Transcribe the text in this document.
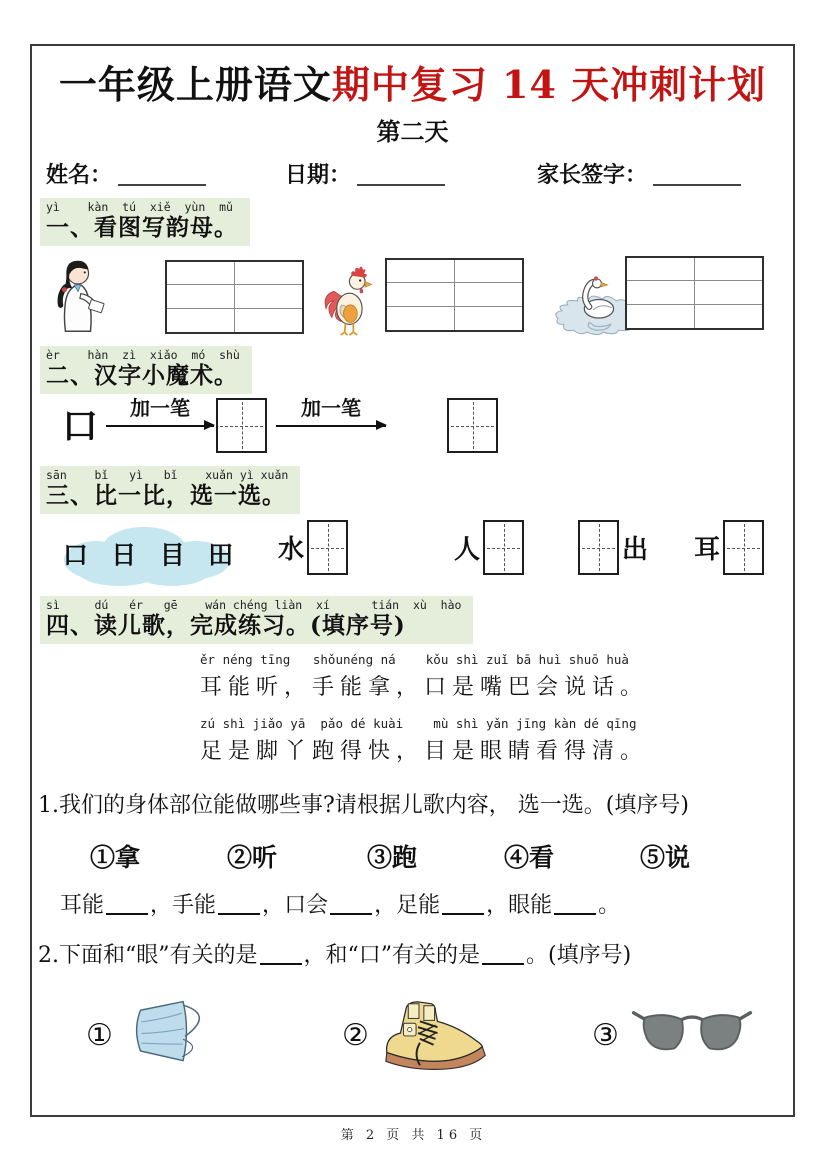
一年级上册语文期中复习 14 天冲刺计划
第二天
姓名：	日期：	家长签字：
yì    kàn  tú  xiě  yùn  mǔ
一、看图写韵母。
èr    hàn  zì  xiǎo  mó  shù
二、汉字小魔术。
口 加一笔
	加一笔
sān    bǐ   yì   bǐ    xuǎn yì xuǎn
三、比一比，选一选。
口  日  目  田 水	人	出 耳
sì     dú   ér   gē    wán chéng liàn  xí      tián  xù  hào
四、读儿歌，完成练习。(填序号)
ěr néng tīng   shǒunéng ná    kǒu shì zuǐ bā huì shuō huà
耳能听，手能拿，口是嘴巴会说话。
zú shì jiǎo yā  pǎo dé kuài    mù shì yǎn jīng kàn dé qīng
足是脚丫跑得快，目是眼睛看得清。
1.我们的身体部位能做哪些事?请根据儿歌内容， 选一选。(填序号)
①拿	②听	③跑	④看	⑤说
耳能 ，手能 ，口会 ，足能 ，眼能 。
2.下面和“眼”有关的是 ，和“口”有关的是 。(填序号)
①	②	③
第 2 页 共 16 页
